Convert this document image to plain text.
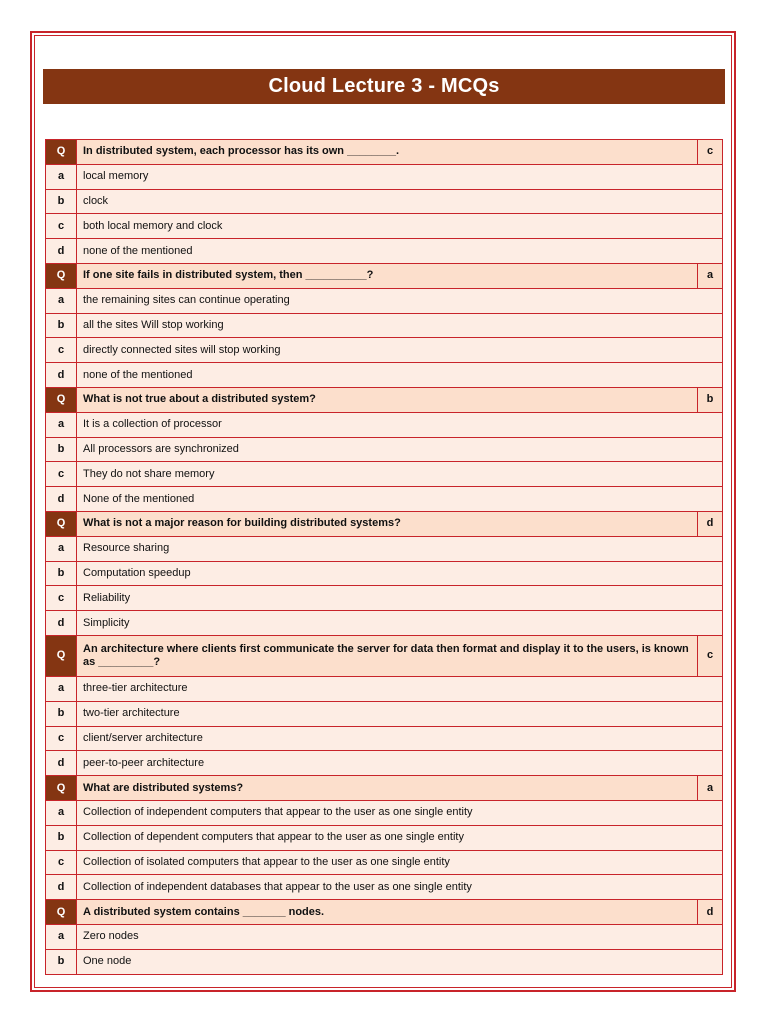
Cloud Lecture 3 - MCQs
Q	In distributed system, each processor has its own ________.	c
a	local memory	
b	clock	
c	both local memory and clock	
d	none of the mentioned	
Q	If one site fails in distributed system, then __________?	a
a	the remaining sites can continue operating	
b	all the sites Will stop working	
c	directly connected sites will stop working	
d	none of the mentioned	
Q	What is not true about a distributed system?	b
a	It is a collection of processor	
b	All processors are synchronized	
c	They do not share memory	
d	None of the mentioned	
Q	What is not a major reason for building distributed systems?	d
a	Resource sharing	
b	Computation speedup	
c	Reliability	
d	Simplicity	
Q	An architecture where clients first communicate the server for data then format and display it to the users, is known as _________?	c
a	three-tier architecture	
b	two-tier architecture	
c	client/server architecture	
d	peer-to-peer architecture	
Q	What are distributed systems?	a
a	Collection of independent computers that appear to the user as one single entity	
b	Collection of dependent computers that appear to the user as one single entity	
c	Collection of isolated computers that appear to the user as one single entity	
d	Collection of independent databases that appear to the user as one single entity	
Q	A distributed system contains _______ nodes.	d
a	Zero nodes	
b	One node	
